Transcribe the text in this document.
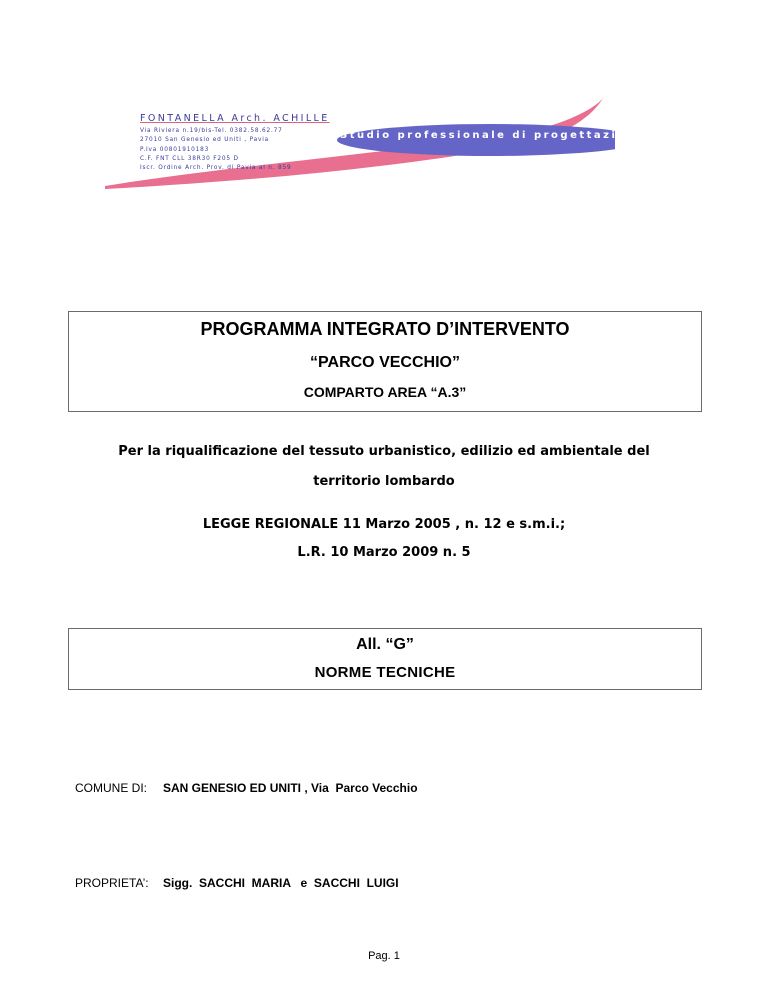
FONTANELLA Arch. ACHILLE
Via Riviera n.19/bis-Tel. 0382.58.62.77
27010 San Genesio ed Uniti , Pavia
P.Iva 00801910183
C.F. FNT CLL 38R30 F205 D
Iscr. Ordine Arch. Prov. di Pavia al n. 859
Studio professionale di progettazione
PROGRAMMA INTEGRATO D’INTERVENTO
“PARCO VECCHIO”
COMPARTO AREA “A.3”
Per la riqualificazione del tessuto urbanistico, edilizio ed ambientale del
territorio lombardo
LEGGE REGIONALE 11 Marzo 2005 , n. 12 e s.m.i.;
L.R. 10 Marzo 2009 n. 5
All. “G”
NORME TECNICHE
COMUNE DI: SAN GENESIO ED UNITI , Via  Parco Vecchio
PROPRIETA’: Sigg.  SACCHI  MARIA   e  SACCHI  LUIGI
Pag. 1
